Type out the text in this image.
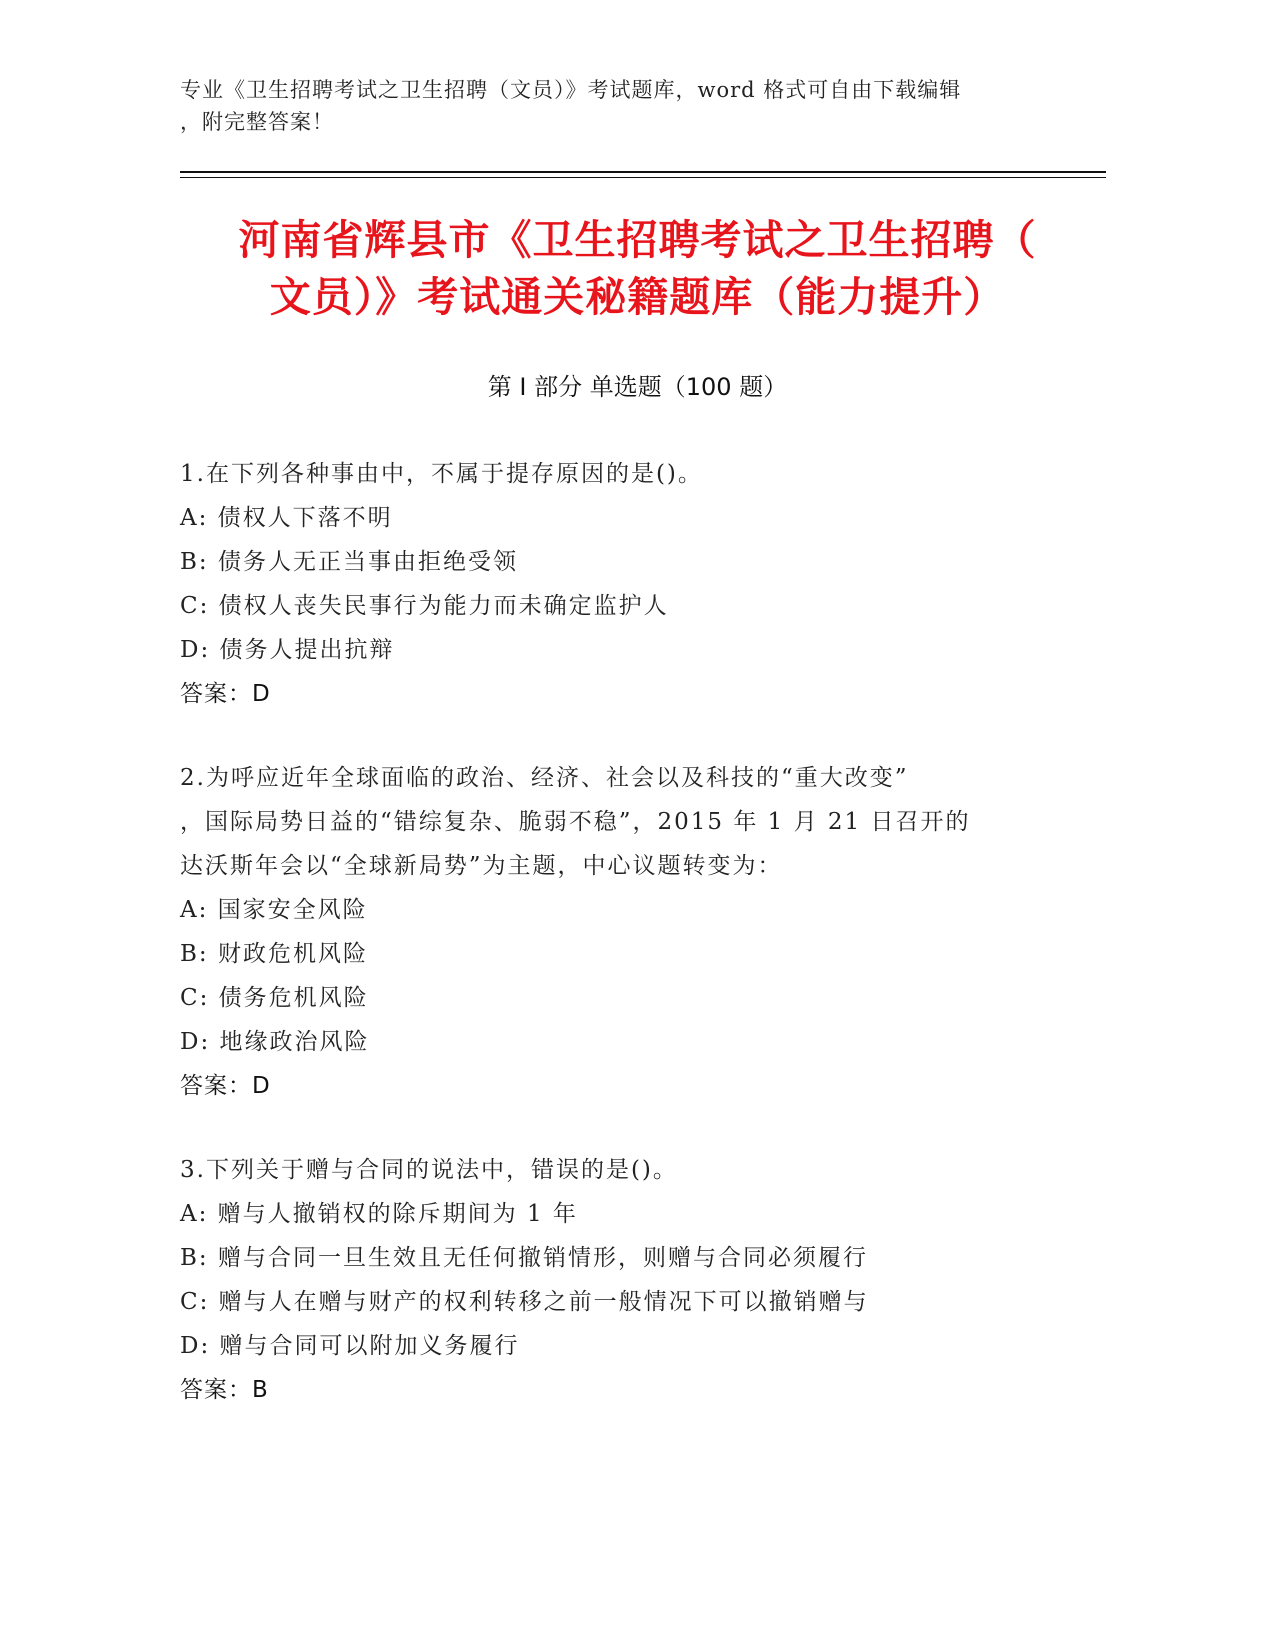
专业《卫生招聘考试之卫生招聘（文员）》考试题库，word 格式可自由下载编辑
，附完整答案！
河南省辉县市《卫生招聘考试之卫生招聘（
文员）》考试通关秘籍题库（能力提升）
第 I 部分 单选题（100 题）
1.在下列各种事由中，不属于提存原因的是()。
A: 债权人下落不明
B: 债务人无正当事由拒绝受领
C: 债权人丧失民事行为能力而未确定监护人
D: 债务人提出抗辩
答案：D
2.为呼应近年全球面临的政治、经济、社会以及科技的“重大改变”
，国际局势日益的“错综复杂、脆弱不稳”，2015 年 1 月 21 日召开的
达沃斯年会以“全球新局势”为主题，中心议题转变为：
A: 国家安全风险
B: 财政危机风险
C: 债务危机风险
D: 地缘政治风险
答案：D
3.下列关于赠与合同的说法中，错误的是()。
A: 赠与人撤销权的除斥期间为 1 年
B: 赠与合同一旦生效且无任何撤销情形，则赠与合同必须履行
C: 赠与人在赠与财产的权利转移之前一般情况下可以撤销赠与
D: 赠与合同可以附加义务履行
答案：B
